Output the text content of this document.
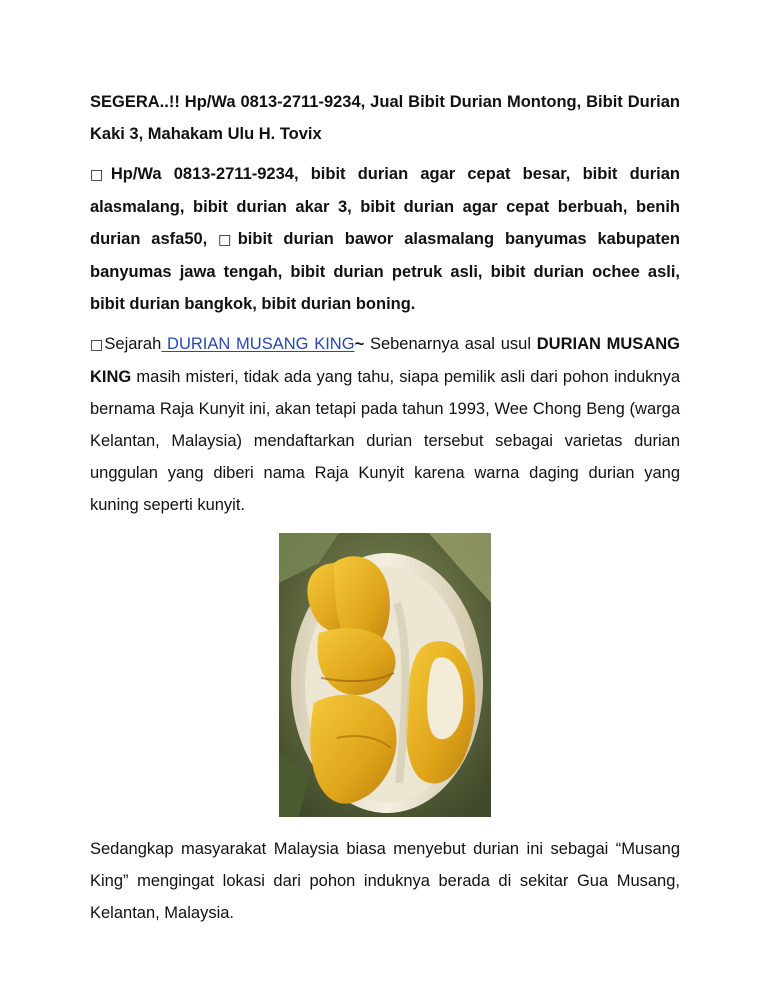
SEGERA..!! Hp/Wa 0813-2711-9234, Jual Bibit Durian Montong, Bibit Durian Kaki 3, Mahakam Ulu H. Tovix

□Hp/Wa 0813-2711-9234, bibit durian agar cepat besar, bibit durian alasmalang, bibit durian akar 3, bibit durian agar cepat berbuah, benih durian asfa50, □bibit durian bawor alasmalang banyumas kabupaten banyumas jawa tengah, bibit durian petruk asli, bibit durian ochee asli, bibit durian bangkok, bibit durian boning.

□Sejarah DURIAN MUSANG KING~ Sebenarnya asal usul DURIAN MUSANG KING masih misteri, tidak ada yang tahu, siapa pemilik asli dari pohon induknya bernama Raja Kunyit ini, akan tetapi pada tahun 1993, Wee Chong Beng (warga Kelantan, Malaysia) mendaftarkan durian tersebut sebagai varietas durian unggulan yang diberi nama Raja Kunyit karena warna daging durian yang kuning seperti kunyit.

Sedangkap masyarakat Malaysia biasa menyebut durian ini sebagai “Musang King” mengingat lokasi dari pohon induknya berada di sekitar Gua Musang, Kelantan, Malaysia.
